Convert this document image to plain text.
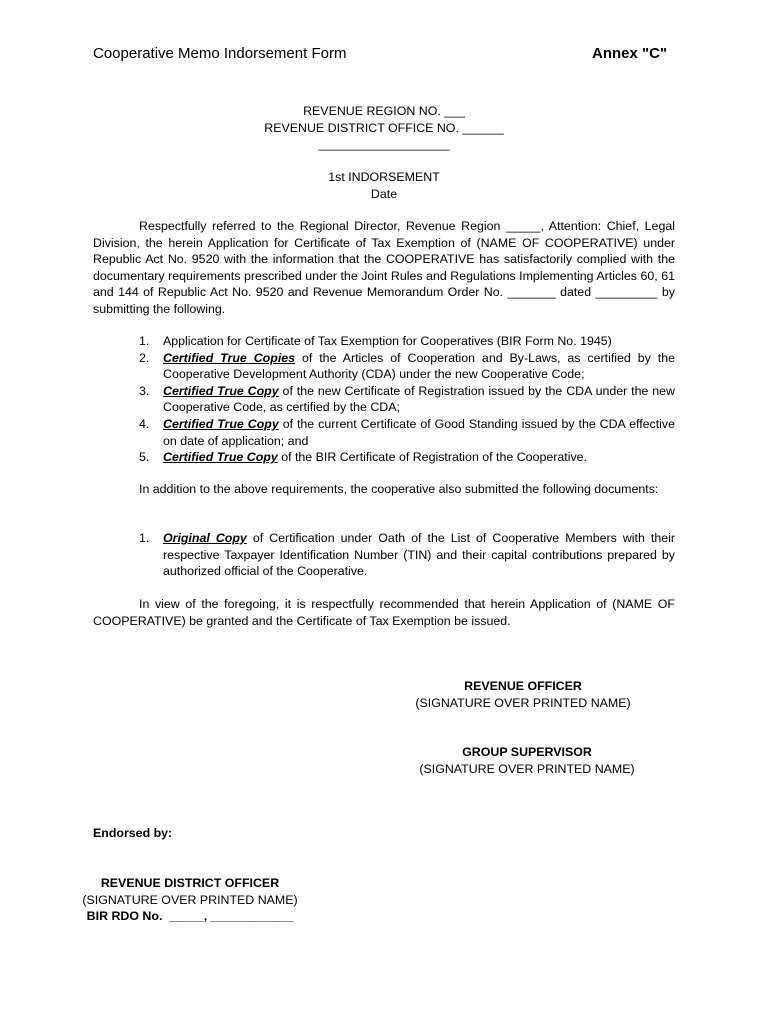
Cooperative Memo Indorsement Form	Annex "C"
REVENUE REGION NO. ___
REVENUE DISTRICT OFFICE NO. ______
___________________
1st INDORSEMENT
Date
Respectfully referred to the Regional Director, Revenue Region _____, Attention: Chief, Legal Division, the herein Application for Certificate of Tax Exemption of (NAME OF COOPERATIVE) under Republic Act No. 9520 with the information that the COOPERATIVE has satisfactorily complied with the documentary requirements prescribed under the Joint Rules and Regulations Implementing Articles 60, 61 and 144 of Republic Act No. 9520 and Revenue Memorandum Order No. _______ dated _________ by submitting the following.
1. Application for Certificate of Tax Exemption for Cooperatives (BIR Form No. 1945)
2. Certified True Copies of the Articles of Cooperation and By-Laws, as certified by the Cooperative Development Authority (CDA) under the new Cooperative Code;
3. Certified True Copy of the new Certificate of Registration issued by the CDA under the new Cooperative Code, as certified by the CDA;
4. Certified True Copy of the current Certificate of Good Standing issued by the CDA effective on date of application; and
5. Certified True Copy of the BIR Certificate of Registration of the Cooperative.
In addition to the above requirements, the cooperative also submitted the following documents:
1. Original Copy of Certification under Oath of the List of Cooperative Members with their respective Taxpayer Identification Number (TIN) and their capital contributions prepared by authorized official of the Cooperative.
In view of the foregoing, it is respectfully recommended that herein Application of (NAME OF COOPERATIVE) be granted and the Certificate of Tax Exemption be issued.
REVENUE OFFICER
(SIGNATURE OVER PRINTED NAME)
GROUP SUPERVISOR
(SIGNATURE OVER PRINTED NAME)
Endorsed by:
REVENUE DISTRICT OFFICER
(SIGNATURE OVER PRINTED NAME)
BIR RDO No.  _____, ____________
